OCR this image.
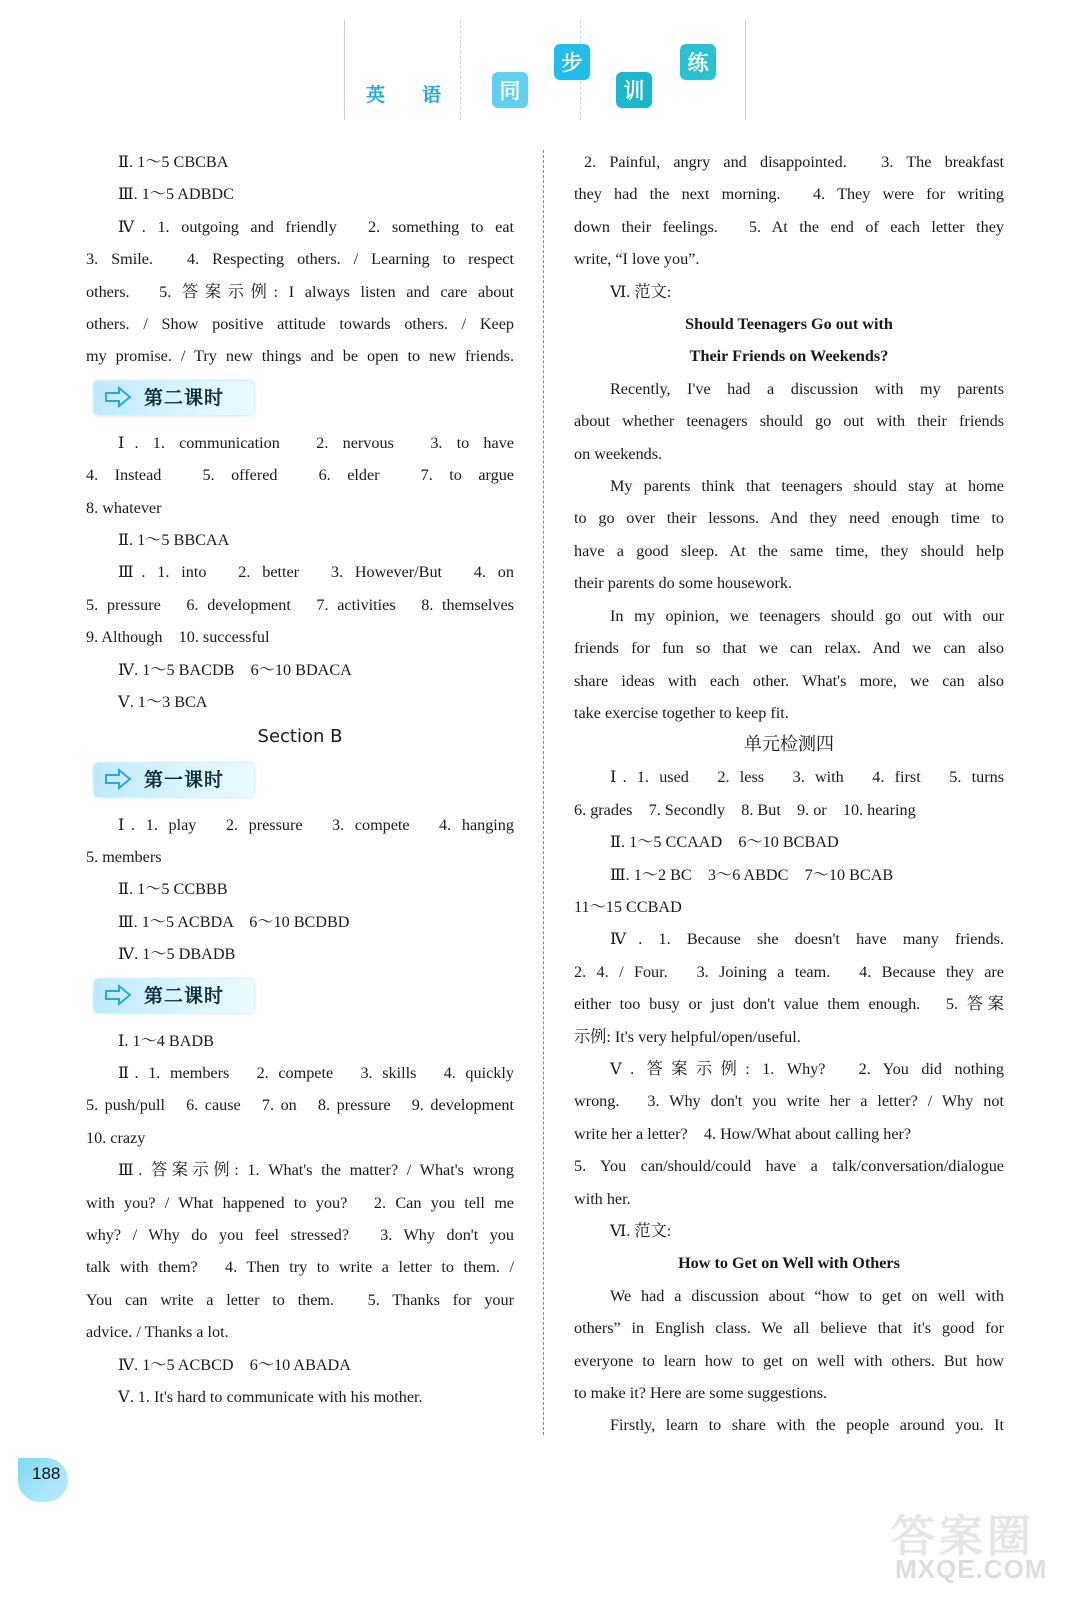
英 语	同
步
训
练
Ⅱ. 1～5 CBCBA
Ⅲ. 1～5 ADBDC
Ⅳ. 1. outgoing and friendly　2. something to eat
3. Smile.　4. Respecting others. / Learning to respect
others.　5. 答案示例: I always listen and care about
others. / Show positive attitude towards others. / Keep
my promise. / Try new things and be open to new friends.
第二课时
Ⅰ. 1. communication　2. nervous　3. to have
4. Instead　5. offered　6. elder　7. to argue
8. whatever
Ⅱ. 1～5 BBCAA
Ⅲ. 1. into　2. better　3. However/But　4. on
5. pressure　6. development　7. activities　8. themselves
9. Although　10. successful
Ⅳ. 1～5 BACDB　6～10 BDACA
Ⅴ. 1～3 BCA
Section B
第一课时
Ⅰ. 1. play　2. pressure　3. compete　4. hanging
5. members
Ⅱ. 1～5 CCBBB
Ⅲ. 1～5 ACBDA　6～10 BCDBD
Ⅳ. 1～5 DBADB
第二课时
Ⅰ. 1～4 BADB
Ⅱ. 1. members　2. compete　3. skills　4. quickly
5. push/pull　6. cause　7. on　8. pressure　9. development
10. crazy
Ⅲ. 答案示例: 1. What's the matter? / What's wrong
with you? / What happened to you?　2. Can you tell me
why? / Why do you feel stressed?　3. Why don't you
talk with them?　4. Then try to write a letter to them. /
You can write a letter to them.　5. Thanks for your
advice. / Thanks a lot.
Ⅳ. 1～5 ACBCD　6～10 ABADA
Ⅴ. 1. It's hard to communicate with his mother.
2. Painful, angry and disappointed.　3. The breakfast
they had the next morning.　4. They were for writing
down their feelings.　5. At the end of each letter they
write, “I love you”.
Ⅵ. 范文:
Should Teenagers Go out with
Their Friends on Weekends?
Recently, I've had a discussion with my parents
about whether teenagers should go out with their friends
on weekends.
My parents think that teenagers should stay at home
to go over their lessons. And they need enough time to
have a good sleep. At the same time, they should help
their parents do some housework.
In my opinion, we teenagers should go out with our
friends for fun so that we can relax. And we can also
share ideas with each other. What's more, we can also
take exercise together to keep fit.
单元检测四
Ⅰ. 1. used　2. less　3. with　4. first　5. turns
6. grades　7. Secondly　8. But　9. or　10. hearing
Ⅱ. 1～5 CCAAD　6～10 BCBAD
Ⅲ. 1～2 BC　3～6 ABDC　7～10 BCAB
11～15 CCBAD
Ⅳ. 1. Because she doesn't have many friends.
2. 4. / Four.　3. Joining a team.　4. Because they are
either too busy or just don't value them enough.　5. 答案
示例: It's very helpful/open/useful.
Ⅴ. 答案示例: 1. Why?　2. You did nothing
wrong.　3. Why don't you write her a letter? / Why not
write her a letter?　4. How/What about calling her?
5. You can/should/could have a talk/conversation/dialogue
with her.
Ⅵ. 范文:
How to Get on Well with Others
We had a discussion about “how to get on well with
others” in English class. We all believe that it's good for
everyone to learn how to get on well with others. But how
to make it? Here are some suggestions.
Firstly, learn to share with the people around you. It
188
答案圈
MXQE.COM
